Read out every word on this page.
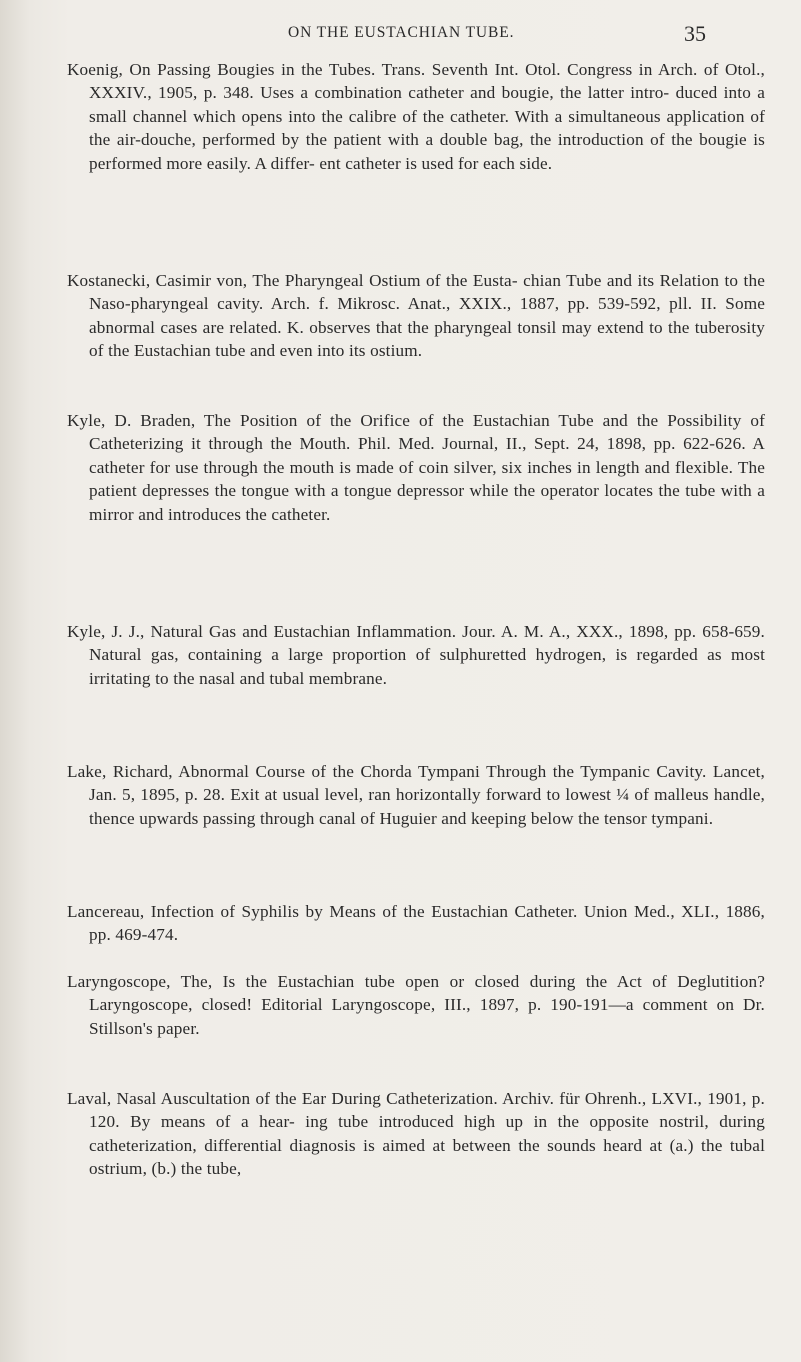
ON THE EUSTACHIAN TUBE.	35

Koenig, On Passing Bougies in the Tubes. Trans. Seventh Int. Otol. Congress in Arch. of Otol., XXXIV., 1905, p. 348. Uses a combination catheter and bougie, the latter intro- duced into a small channel which opens into the calibre of the catheter. With a simultaneous application of the air-douche, performed by the patient with a double bag, the introduction of the bougie is performed more easily. A differ- ent catheter is used for each side.

Kostanecki, Casimir von, The Pharyngeal Ostium of the Eusta- chian Tube and its Relation to the Naso-pharyngeal cavity. Arch. f. Mikrosc. Anat., XXIX., 1887, pp. 539-592, pll. II. Some abnormal cases are related. K. observes that the pharyngeal tonsil may extend to the tuberosity of the Eustachian tube and even into its ostium.

Kyle, D. Braden, The Position of the Orifice of the Eustachian Tube and the Possibility of Catheterizing it through the Mouth. Phil. Med. Journal, II., Sept. 24, 1898, pp. 622-626. A catheter for use through the mouth is made of coin silver, six inches in length and flexible. The patient depresses the tongue with a tongue depressor while the operator locates the tube with a mirror and introduces the catheter.

Kyle, J. J., Natural Gas and Eustachian Inflammation. Jour. A. M. A., XXX., 1898, pp. 658-659. Natural gas, containing a large proportion of sulphuretted hydrogen, is regarded as most irritating to the nasal and tubal membrane.

Lake, Richard, Abnormal Course of the Chorda Tympani Through the Tympanic Cavity. Lancet, Jan. 5, 1895, p. 28. Exit at usual level, ran horizontally forward to lowest ¼ of malleus handle, thence upwards passing through canal of Huguier and keeping below the tensor tympani.

Lancereau, Infection of Syphilis by Means of the Eustachian Catheter. Union Med., XLI., 1886, pp. 469-474.

Laryngoscope, The, Is the Eustachian tube open or closed during the Act of Deglutition? Laryngoscope, closed! Editorial Laryngoscope, III., 1897, p. 190-191—a comment on Dr. Stillson's paper.

Laval, Nasal Auscultation of the Ear During Catheterization. Archiv. für Ohrenh., LXVI., 1901, p. 120. By means of a hear- ing tube introduced high up in the opposite nostril, during catheterization, differential diagnosis is aimed at between the sounds heard at (a.) the tubal ostrium, (b.) the tube,
